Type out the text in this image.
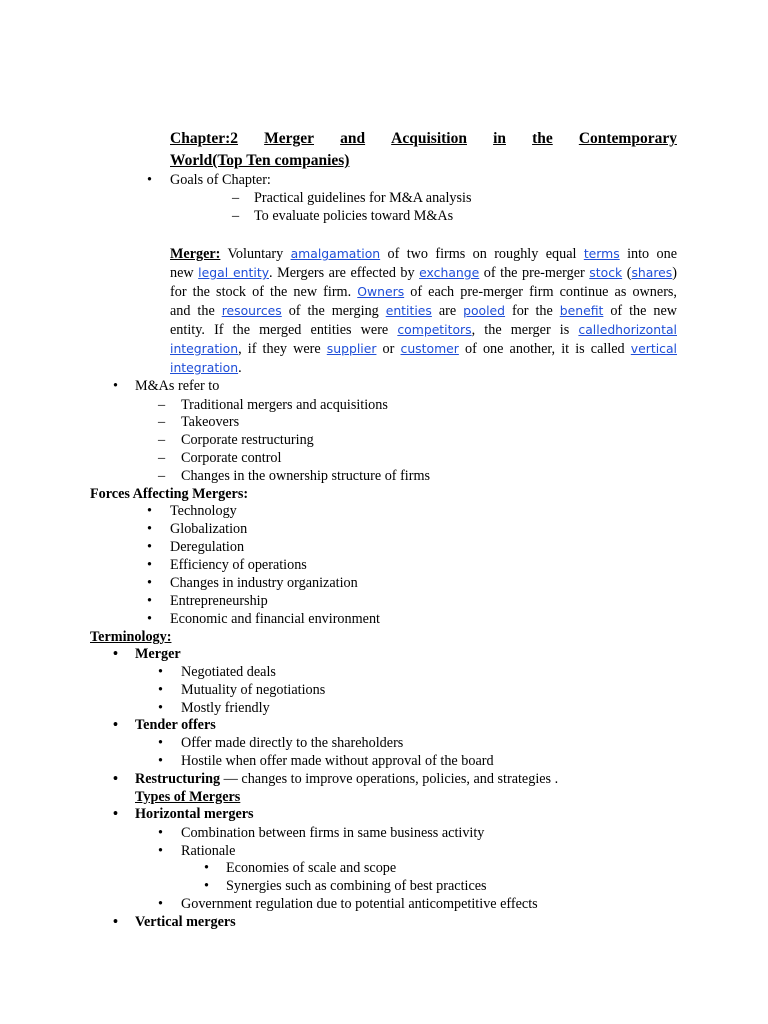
Chapter:2 Merger and Acquisition in the Contemporary
World(Top Ten companies)
• Goals of Chapter:
– Practical guidelines for M&A analysis
– To evaluate policies toward M&As
Merger: Voluntary amalgamation of two firms on roughly equal terms into one
new legal entity. Mergers are effected by exchange of the pre-merger stock (shares)
for the stock of the new firm. Owners of each pre-merger firm continue as owners,
and the resources of the merging entities are pooled for the benefit of the new
entity. If the merged entities were competitors, the merger is calledhorizontal
integration, if they were supplier or customer of one another, it is called vertical
integration.
• M&As refer to
– Traditional mergers and acquisitions
– Takeovers
– Corporate restructuring
– Corporate control
– Changes in the ownership structure of firms
Forces Affecting Mergers:
• Technology
• Globalization
• Deregulation
• Efficiency of operations
• Changes in industry organization
• Entrepreneurship
• Economic and financial environment
Terminology:
• Merger
• Negotiated deals
• Mutuality of negotiations
• Mostly friendly
• Tender offers
• Offer made directly to the shareholders
• Hostile when offer made without approval of the board
• Restructuring — changes to improve operations, policies, and strategies .
Types of Mergers
• Horizontal mergers
• Combination between firms in same business activity
• Rationale
• Economies of scale and scope
• Synergies such as combining of best practices
• Government regulation due to potential anticompetitive effects
• Vertical mergers
